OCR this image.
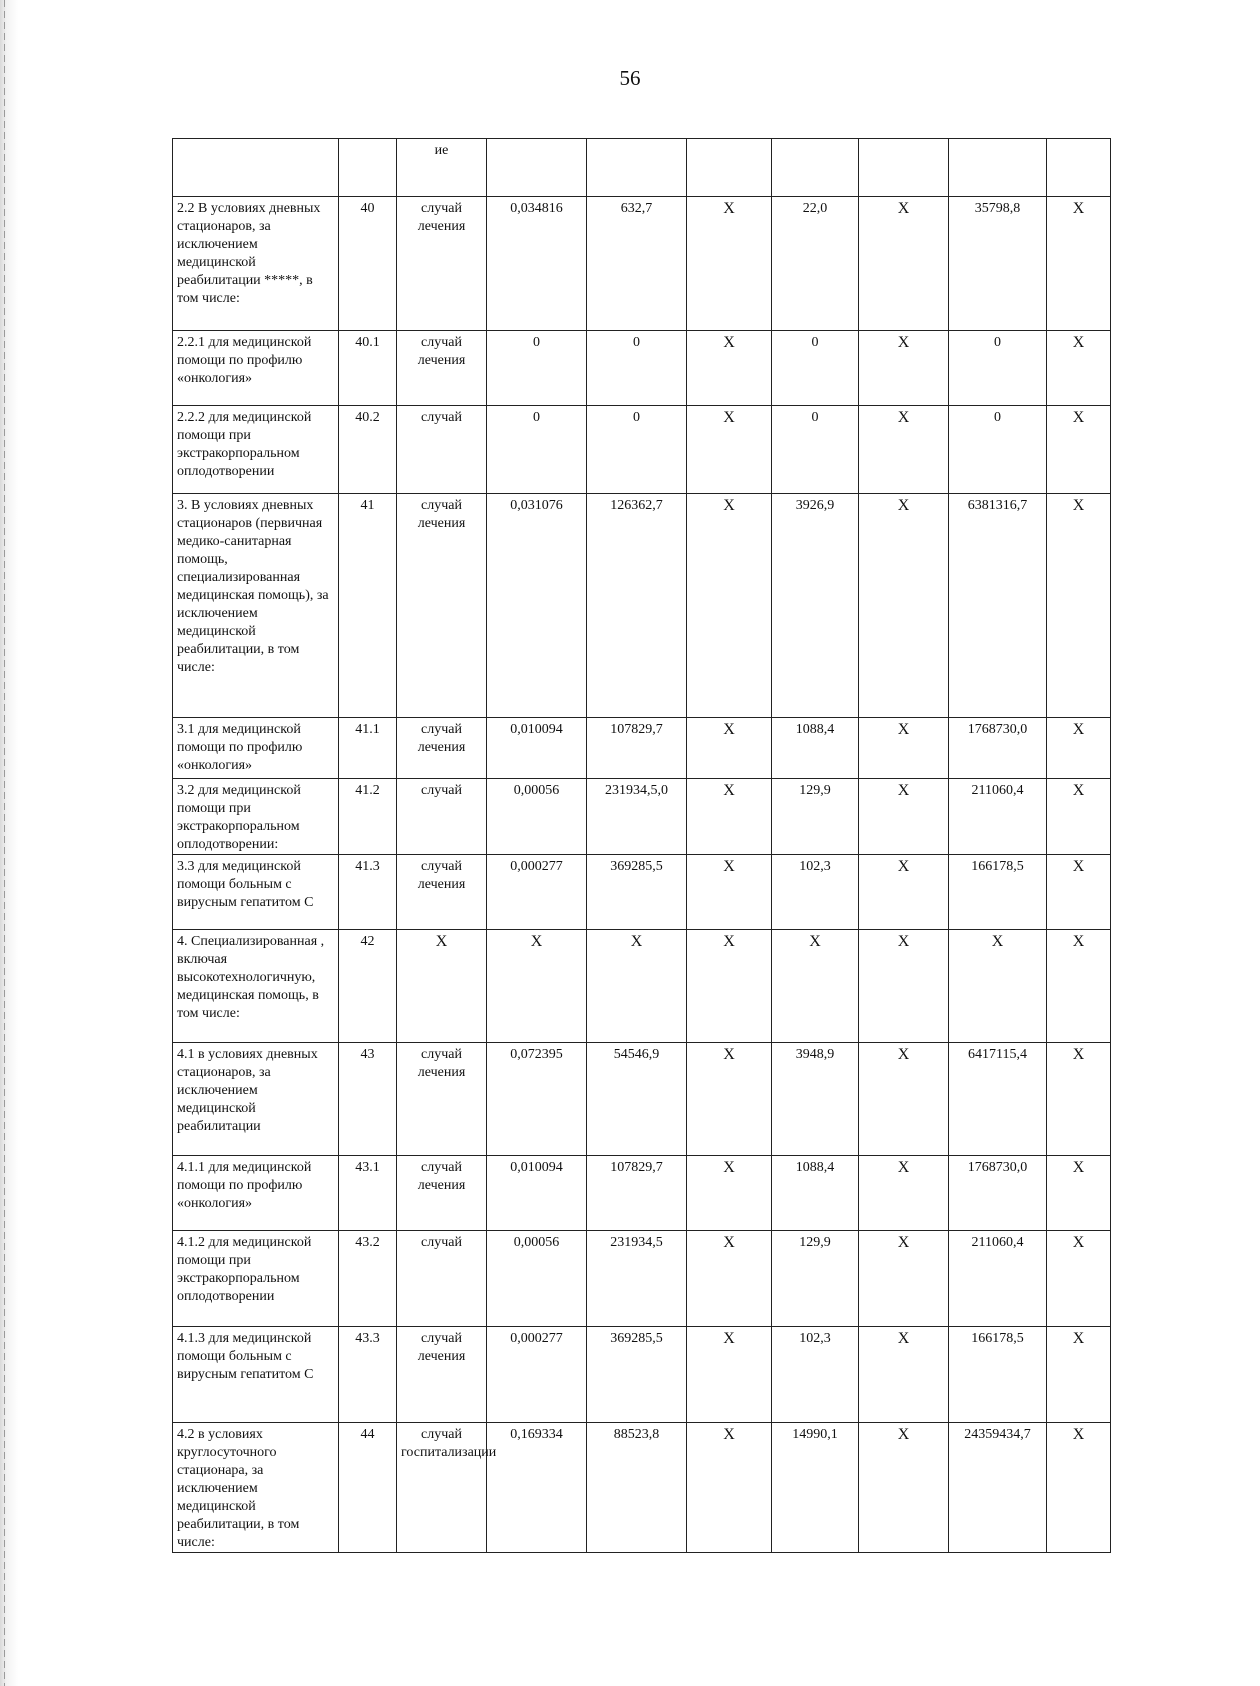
56
		ие							
2.2 В условиях дневных стационаров, за исключением медицинской реабилитации *****, в том числе:	40	случай лечения	0,034816	632,7	Х	22,0	Х	35798,8	Х
2.2.1 для медицинской помощи по профилю «онкология»	40.1	случай лечения	0	0	Х	0	Х	0	Х
2.2.2 для медицинской помощи при экстракорпоральном оплодотворении	40.2	случай	0	0	Х	0	Х	0	Х
3. В условиях дневных стационаров (первичная медико-санитарная помощь, специализированная медицинская помощь), за исключением медицинской реабилитации, в том числе:	41	случай лечения	0,031076	126362,7	Х	3926,9	Х	6381316,7	Х
3.1 для медицинской помощи по профилю «онкология»	41.1	случай лечения	0,010094	107829,7	Х	1088,4	Х	1768730,0	Х
3.2 для медицинской помощи при экстракорпоральном оплодотворении:	41.2	случай	0,00056	231934,5,0	Х	129,9	Х	211060,4	Х
3.3 для медицинской помощи больным с вирусным гепатитом С	41.3	случай лечения	0,000277	369285,5	Х	102,3	Х	166178,5	Х
4. Специализированная , включая высокотехнологичную, медицинская помощь, в том числе:	42	Х	Х	Х	Х	Х	Х	Х	Х
4.1 в условиях дневных стационаров, за исключением медицинской реабилитации	43	случай лечения	0,072395	54546,9	Х	3948,9	Х	6417115,4	Х
4.1.1 для медицинской помощи по профилю «онкология»	43.1	случай лечения	0,010094	107829,7	Х	1088,4	Х	1768730,0	Х
4.1.2 для медицинской помощи при экстракорпоральном оплодотворении	43.2	случай	0,00056	231934,5	Х	129,9	Х	211060,4	Х
4.1.3 для медицинской помощи больным с вирусным гепатитом С	43.3	случай лечения	0,000277	369285,5	Х	102,3	Х	166178,5	Х
4.2 в условиях круглосуточного стационара, за исключением медицинской реабилитации, в том числе:	44	случай госпитализации	0,169334	88523,8	Х	14990,1	Х	24359434,7	Х
